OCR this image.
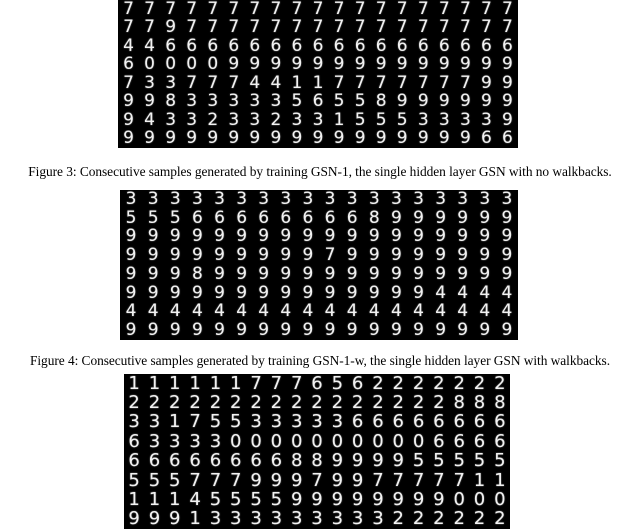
7 7 7 7 7 7 7 7 7 7 7 7 7 7 7 7 7 7 7
7 7 9 7 7 7 7 7 7 7 7 7 7 7 7 7 7 7 7
4 4 6 6 6 6 6 6 6 6 6 6 6 6 6 6 6 6 6
6 0 0 0 0 9 9 9 9 9 9 9 9 9 9 9 9 9 9
7 3 3 7 7 7 4 4 1 1 7 7 7 7 7 7 7 9 9
9 9 8 3 3 3 3 3 5 6 5 5 8 9 9 9 9 9 9
9 4 3 3 2 3 3 2 3 3 1 5 5 5 3 3 3 3 9
9 9 9 9 9 9 9 9 9 9 9 9 9 9 9 9 9 6 6
Figure 3: Consecutive samples generated by training GSN-1, the single hidden layer GSN with no walkbacks.
3 3 3 3 3 3 3 3 3 3 3 3 3 3 3 3 3 3
5 5 5 6 6 6 6 6 6 6 6 8 9 9 9 9 9 9
9 9 9 9 9 9 9 9 9 9 9 9 9 9 9 9 9 9
9 9 9 9 9 9 9 9 9 7 9 9 9 9 9 9 9 9
9 9 9 8 9 9 9 9 9 9 9 9 9 9 9 9 9 9
9 9 9 9 9 9 9 9 9 9 9 9 9 9 4 4 4 4
4 4 4 4 4 4 4 4 4 4 4 4 4 4 4 4 4 4
9 9 9 9 9 9 9 9 9 9 9 9 9 9 9 9 9 9
Figure 4: Consecutive samples generated by training GSN-1-w, the single hidden layer GSN with walkbacks.
1 1 1 1 1 1 7 7 7 6 5 6 2 2 2 2 2 2 2
2 2 2 2 2 2 2 2 2 2 2 2 2 2 2 2 8 8 8
3 3 1 7 5 5 3 3 3 3 3 6 6 6 6 6 6 6 6
6 3 3 3 3 0 0 0 0 0 0 0 0 0 0 6 6 6 6
6 6 6 6 6 6 6 6 8 8 9 9 9 9 5 5 5 5 5
5 5 5 7 7 7 9 9 9 7 9 9 7 7 7 7 7 1 1
1 1 1 4 5 5 5 5 9 9 9 9 9 9 9 9 0 0 0
9 9 9 1 3 3 3 3 3 3 3 3 3 2 2 2 2 2 2
